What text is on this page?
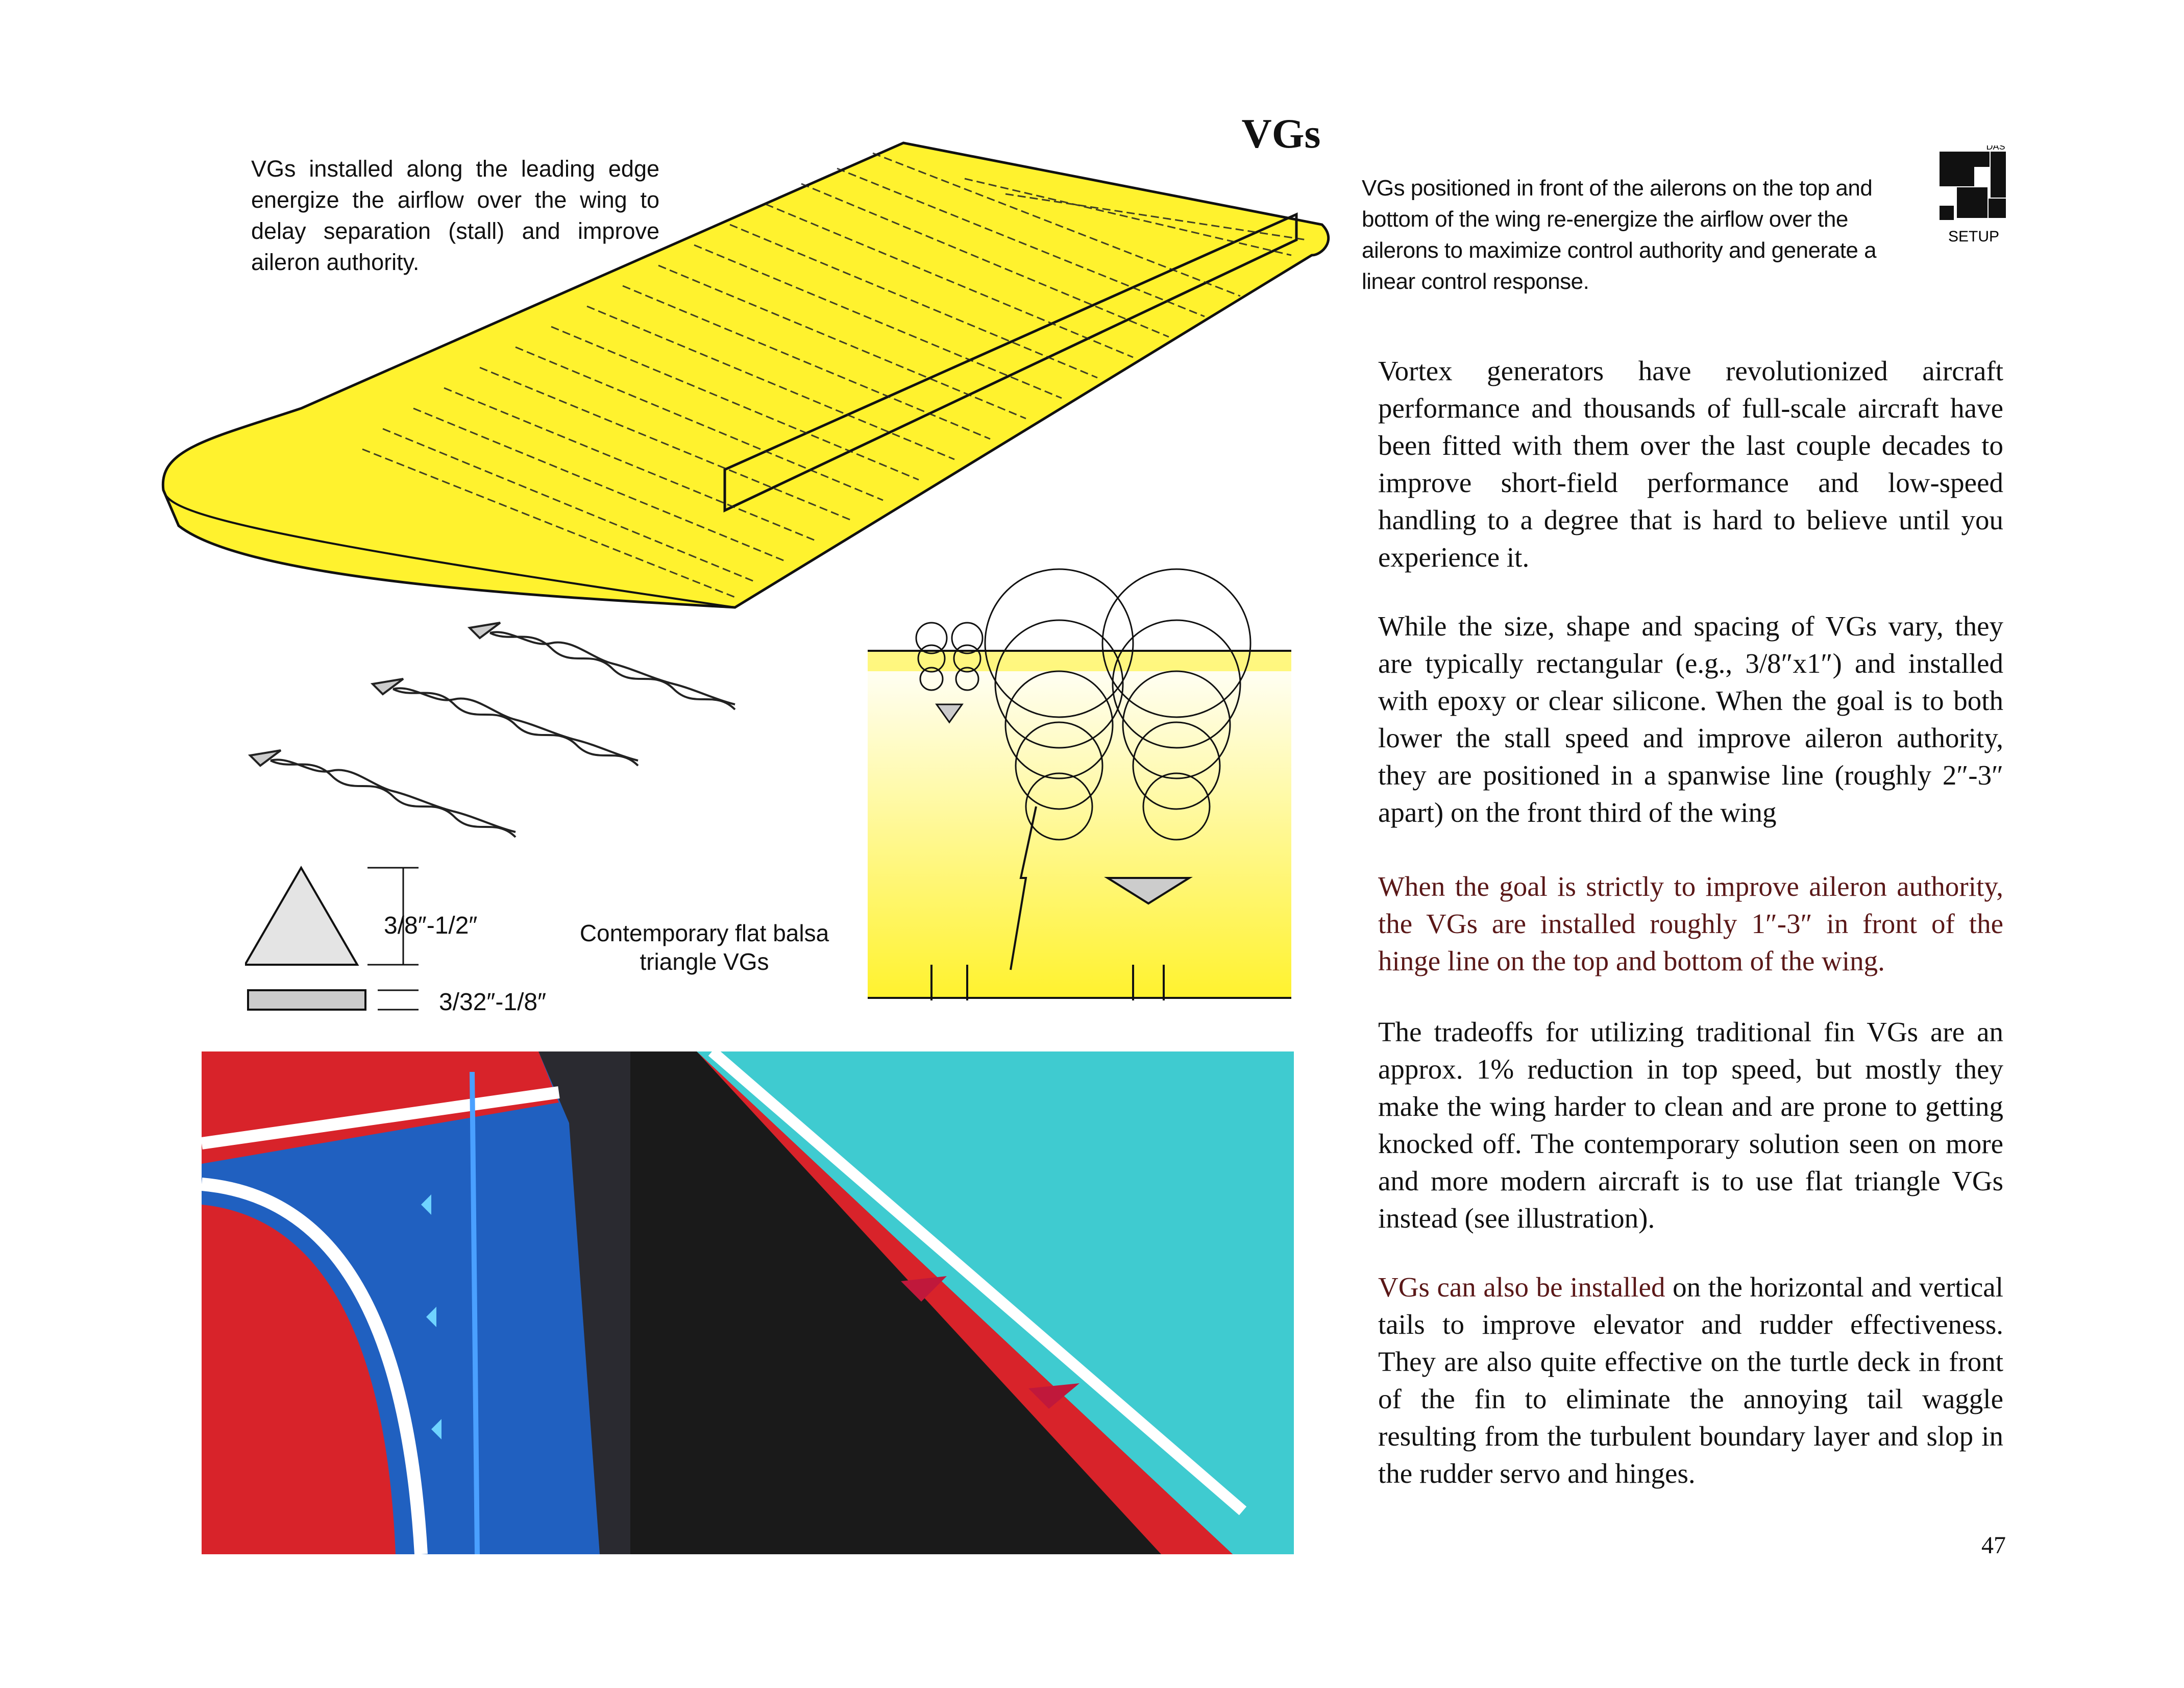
VGs
VGs installed along the leading edge energize the airflow over the wing to delay separation (stall) and improve aileron authority.
VGs positioned in front of the ailerons on the top and bottom of the wing re-energize the airflow over the ailerons to maximize control authority and generate a linear control response.
DAS
SETUP
3/8″-1/2″
3/32″-1/8″
Contemporary flat balsa triangle VGs
Vortex generators have revolutionized aircraft performance and thousands of full-scale aircraft have been fitted with them over the last couple decades to improve short-field performance and low-speed handling to a degree that is hard to believe until you experience it.
While the size, shape and spacing of VGs vary, they are typically rectangular (e.g., 3/8″x1″) and installed with epoxy or clear silicone. When the goal is to both lower the stall speed and improve aileron authority, they are positioned in a spanwise line (roughly 2″-3″ apart) on the front third of the wing
When the goal is strictly to improve aileron authority, the VGs are installed roughly 1″-3″ in front of the hinge line on the top and bottom of the wing.
The tradeoffs for utilizing traditional fin VGs are an approx. 1% reduction in top speed, but mostly they make the wing harder to clean and are prone to getting knocked off. The contemporary solution seen on more and more modern aircraft is to use flat triangle VGs instead (see illustration).
VGs can also be installed on the horizontal and vertical tails to improve elevator and rudder effectiveness. They are also quite effective on the turtle deck in front of the fin to eliminate the annoying tail waggle resulting from the turbulent boundary layer and slop in the rudder servo and hinges.
47
